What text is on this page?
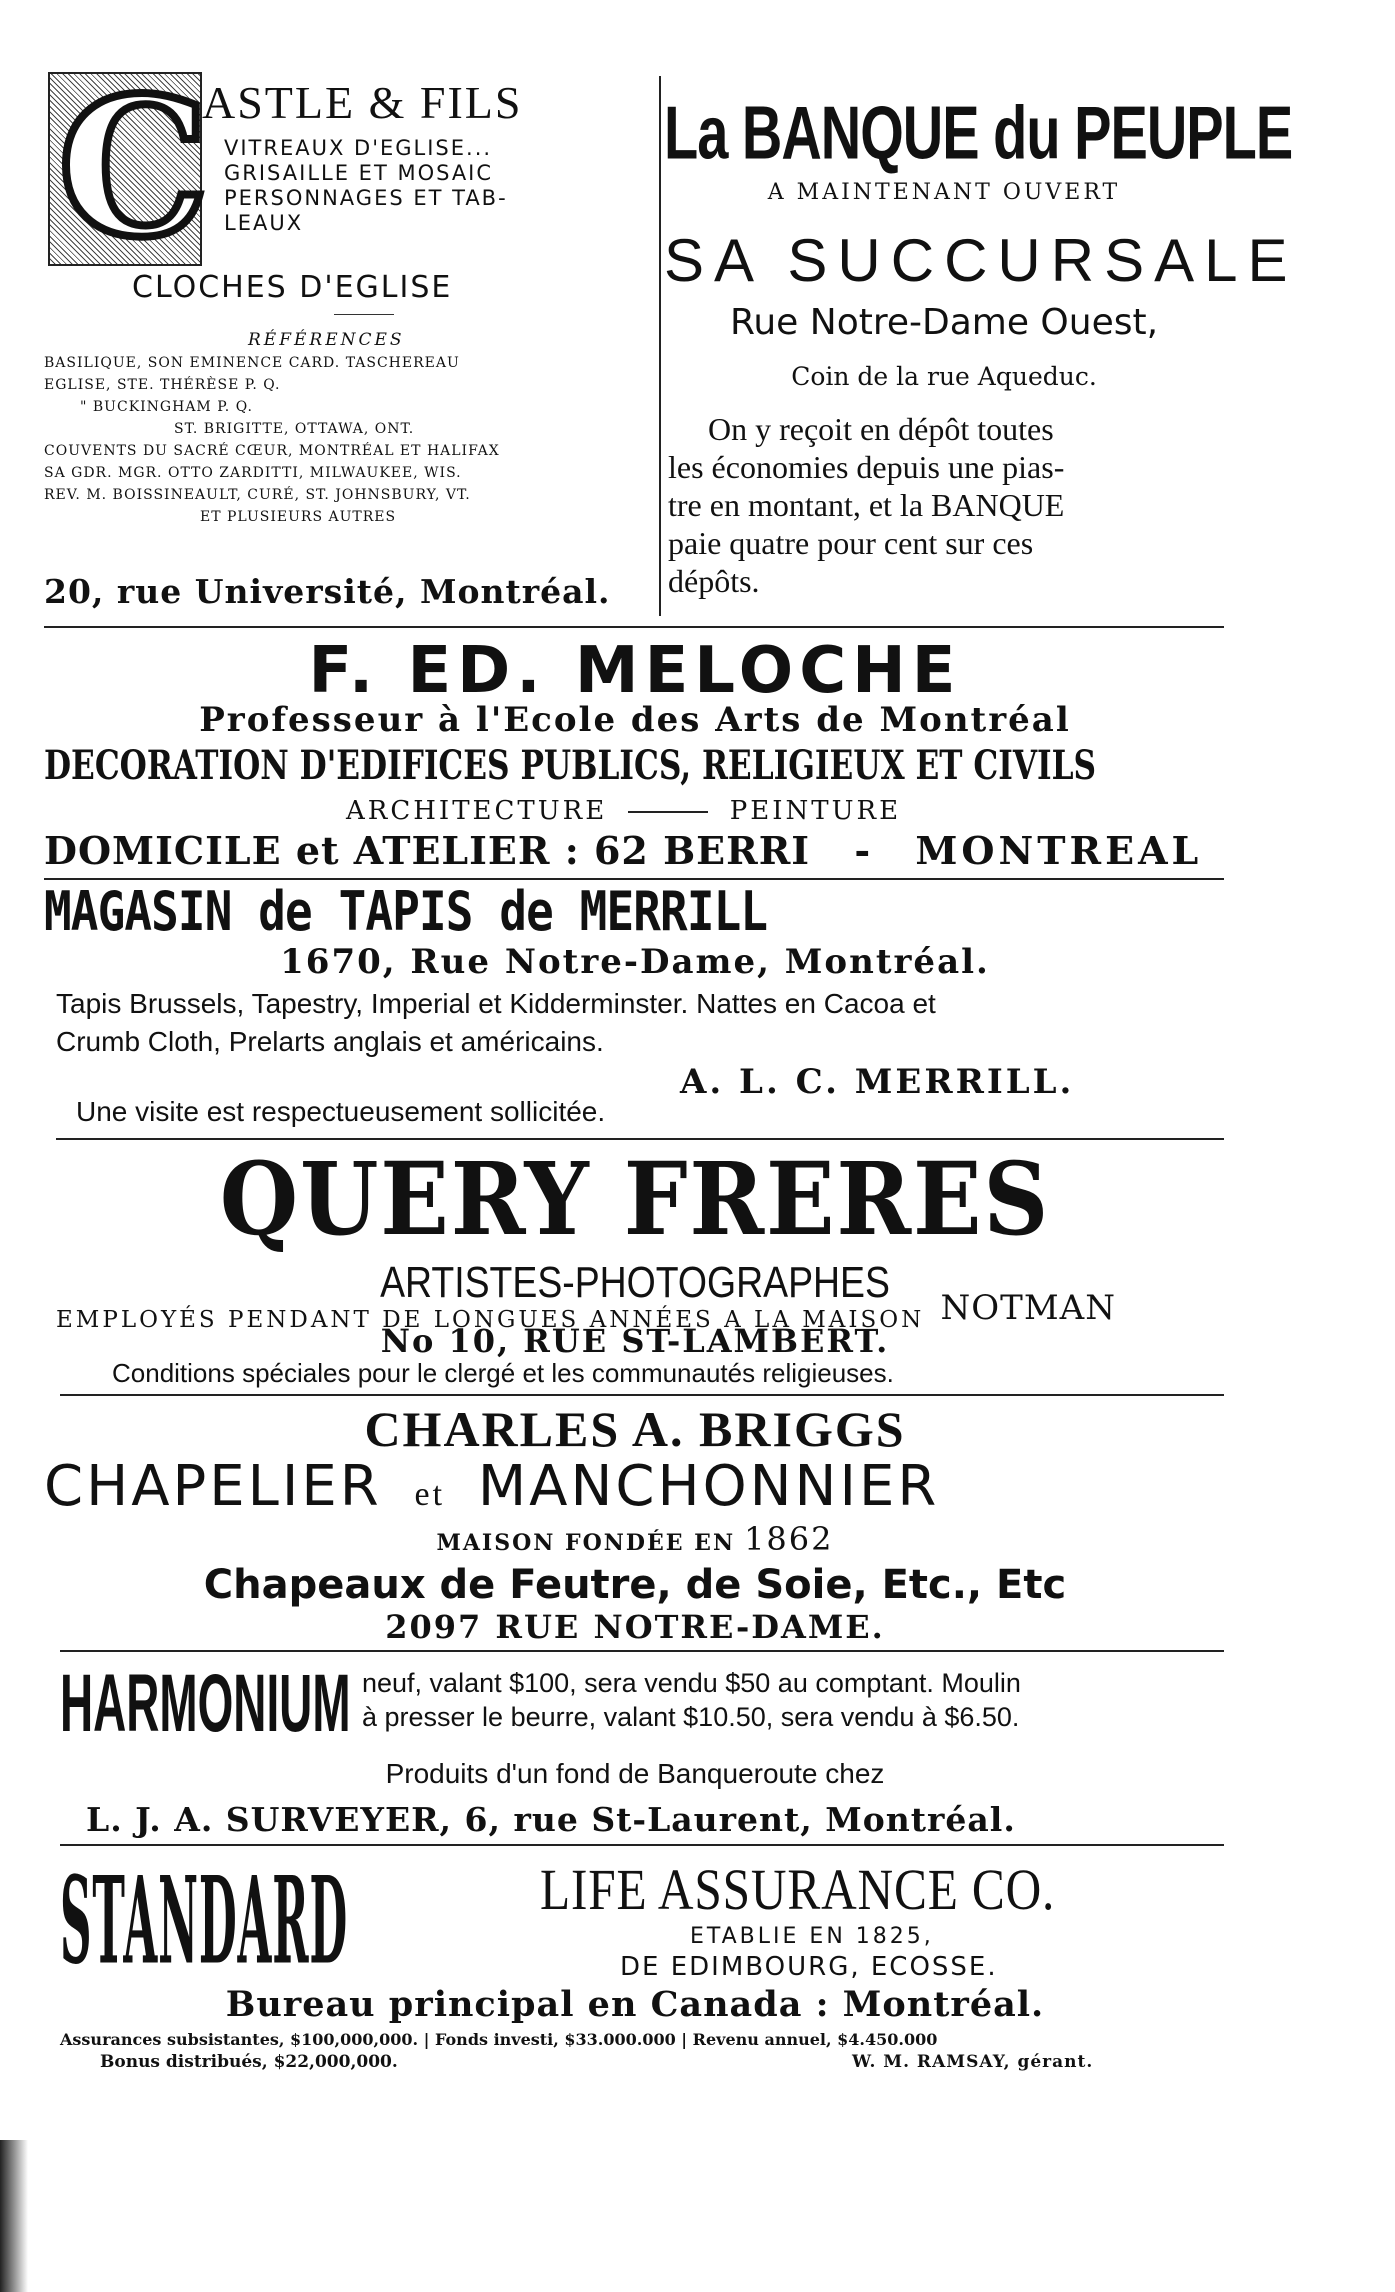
C
ASTLE & FILS
VITREAUX D'EGLISE...
GRISAILLE ET MOSAIC
PERSONNAGES ET TAB-
LEAUX
CLOCHES D'EGLISE
RÉFÉRENCES
BASILIQUE, SON EMINENCE CARD. TASCHEREAU
EGLISE, STE. THÉRÈSE P. Q.
" BUCKINGHAM P. Q.
ST. BRIGITTE, OTTAWA, ONT.
COUVENTS DU SACRÉ CŒUR, MONTRÉAL ET HALIFAX
SA GDR. MGR. OTTO ZARDITTI, MILWAUKEE, WIS.
REV. M. BOISSINEAULT, CURÉ, ST. JOHNSBURY, VT.
ET PLUSIEURS AUTRES
20, rue Université, Montréal.
La BANQUE du PEUPLE
A MAINTENANT OUVERT
SA SUCCURSALE
Rue Notre-Dame Ouest,
Coin de la rue Aqueduc.
On y reçoit en dépôt toutes
les économies depuis une pias-
tre en montant, et la BANQUE
paie quatre pour cent sur ces
dépôts.
F. ED. MELOCHE
Professeur à l'Ecole des Arts de Montréal
DECORATION D'EDIFICES PUBLICS, RELIGIEUX ET CIVILS
ARCHITECTURE	PEINTURE
DOMICILE et ATELIER : 62 BERRI - MONTREAL
MAGASIN de TAPIS de MERRILL
1670, Rue Notre-Dame, Montréal.
Tapis Brussels, Tapestry, Imperial et Kidderminster. Nattes en Cacoa et
Crumb Cloth, Prelarts anglais et américains.
A. L. C. MERRILL.
Une visite est respectueusement sollicitée.
QUERY FRERES
ARTISTES-PHOTOGRAPHES
EMPLOYÉS PENDANT DE LONGUES ANNÉES A LA MAISON NOTMAN
No 10, RUE ST-LAMBERT.
Conditions spéciales pour le clergé et les communautés religieuses.
CHARLES A. BRIGGS
CHAPELIER et MANCHONNIER
MAISON FONDÉE EN 1862
Chapeaux de Feutre, de Soie, Etc., Etc
2097 RUE NOTRE-DAME.
HARMONIUM neuf, valant $100, sera vendu $50 au comptant. Moulin
à presser le beurre, valant $10.50, sera vendu à $6.50.
Produits d'un fond de Banqueroute chez
L. J. A. SURVEYER, 6, rue St-Laurent, Montréal.
STANDARD	LIFE ASSURANCE CO.
ETABLIE EN 1825,
DE EDIMBOURG, ECOSSE.
Bureau principal en Canada : Montréal.
Assurances subsistantes, $100,000,000. | Fonds investi, $33.000.000 | Revenu annuel, $4.450.000
Bonus distribués, $22,000,000.	W. M. RAMSAY, gérant.
